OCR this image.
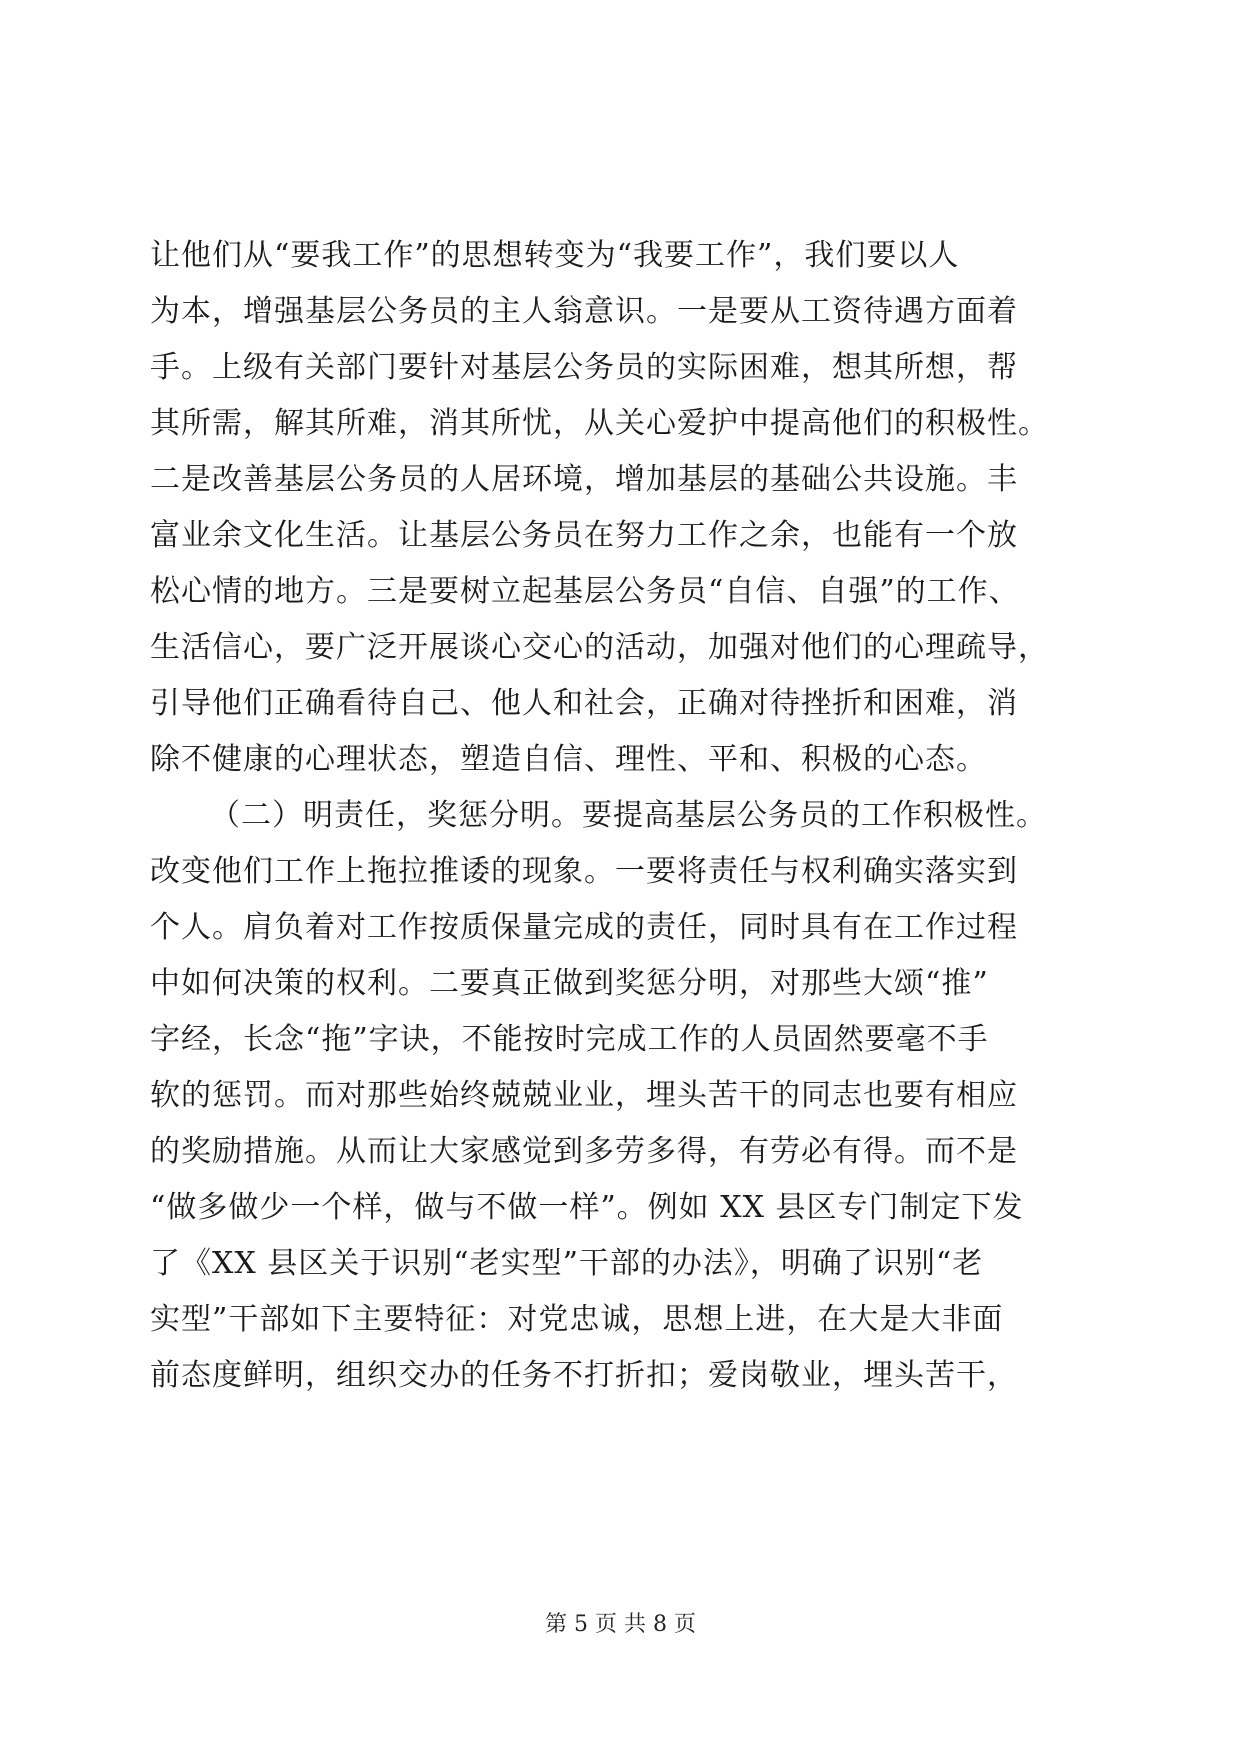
让他们从“要我工作”的思想转变为“我要工作”，我们要以人
为本，增强基层公务员的主人翁意识。一是要从工资待遇方面着
手。上级有关部门要针对基层公务员的实际困难，想其所想，帮
其所需，解其所难，消其所忧，从关心爱护中提高他们的积极性。
二是改善基层公务员的人居环境，增加基层的基础公共设施。丰
富业余文化生活。让基层公务员在努力工作之余，也能有一个放
松心情的地方。三是要树立起基层公务员“自信、自强”的工作、
生活信心，要广泛开展谈心交心的活动，加强对他们的心理疏导，
引导他们正确看待自己、他人和社会，正确对待挫折和困难，消
除不健康的心理状态，塑造自信、理性、平和、积极的心态。
（二）明责任，奖惩分明。要提高基层公务员的工作积极性。
改变他们工作上拖拉推诿的现象。一要将责任与权利确实落实到
个人。肩负着对工作按质保量完成的责任，同时具有在工作过程
中如何决策的权利。二要真正做到奖惩分明，对那些大颂“推”
字经，长念“拖”字诀，不能按时完成工作的人员固然要毫不手
软的惩罚。而对那些始终兢兢业业，埋头苦干的同志也要有相应
的奖励措施。从而让大家感觉到多劳多得，有劳必有得。而不是
“做多做少一个样，做与不做一样”。例如 XX 县区专门制定下发
了《XX 县区关于识别“老实型”干部的办法》，明确了识别“老
实型”干部如下主要特征：对党忠诚，思想上进，在大是大非面
前态度鲜明，组织交办的任务不打折扣；爱岗敬业，埋头苦干，
第 5 页 共 8 页
